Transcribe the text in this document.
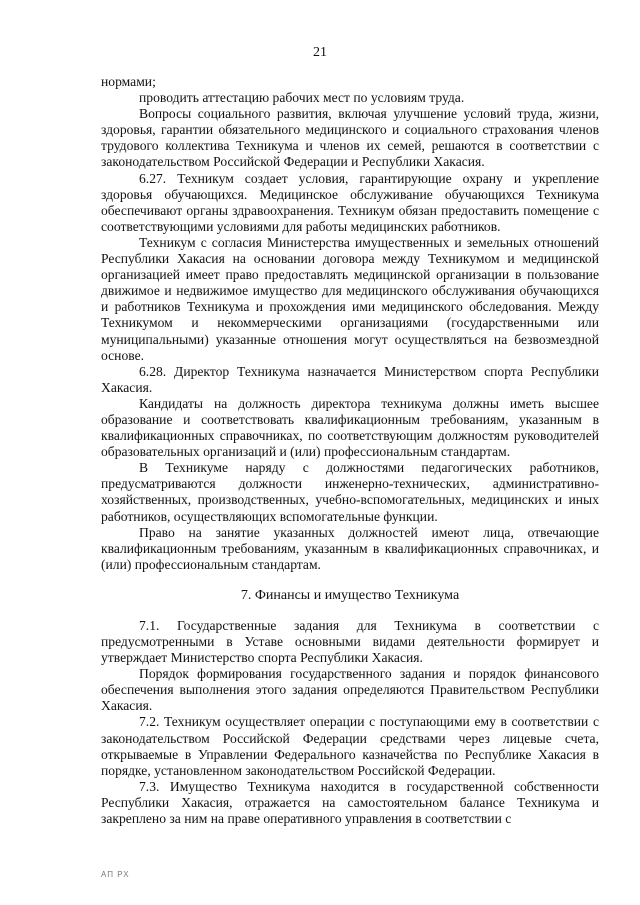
21

нормами;

проводить аттестацию рабочих мест по условиям труда.

Вопросы социального развития, включая улучшение условий труда, жизни, здоровья, гарантии обязательного медицинского и социального страхования членов трудового коллектива Техникума и членов их семей, решаются в соответствии с законодательством Российской Федерации и Республики Хакасия.

6.27. Техникум создает условия, гарантирующие охрану и укрепление здоровья обучающихся. Медицинское обслуживание обучающихся Техникума обеспечивают органы здравоохранения. Техникум обязан предоставить помещение с соответствующими условиями для работы медицинских работников.

Техникум с согласия Министерства имущественных и земельных отношений Республики Хакасия на основании договора между Техникумом и медицинской организацией имеет право предоставлять медицинской организации в пользование движимое и недвижимое имущество для медицинского обслуживания обучающихся и работников Техникума и прохождения ими медицинского обследования. Между Техникумом и некоммерческими организациями (государственными или муниципальными) указанные отношения могут осуществляться на безвозмездной основе.

6.28. Директор Техникума назначается Министерством спорта Республики Хакасия.

Кандидаты на должность директора техникума должны иметь высшее образование и соответствовать квалификационным требованиям, указанным в квалификационных справочниках, по соответствующим должностям руководителей образовательных организаций и (или) профессиональным стандартам.

В Техникуме наряду с должностями педагогических работников, предусматриваются должности инженерно-технических, административно-хозяйственных, производственных, учебно-вспомогательных, медицинских и иных работников, осуществляющих вспомогательные функции.

Право на занятие указанных должностей имеют лица, отвечающие квалификационным требованиям, указанным в квалификационных справочниках, и (или) профессиональным стандартам.

7. Финансы и имущество Техникума

7.1. Государственные задания для Техникума в соответствии с предусмотренными в Уставе основными видами деятельности формирует и утверждает Министерство спорта Республики Хакасия.

Порядок формирования государственного задания и порядок финансового обеспечения выполнения этого задания определяются Правительством Республики Хакасия.

7.2. Техникум осуществляет операции с поступающими ему в соответствии с законодательством Российской Федерации средствами через лицевые счета, открываемые в Управлении Федерального казначейства по Республике Хакасия в порядке, установленном законодательством Российской Федерации.

7.3. Имущество Техникума находится в государственной собственности Республики Хакасия, отражается на самостоятельном балансе Техникума и закреплено за ним на праве оперативного управления в соответствии с

АП РХ
